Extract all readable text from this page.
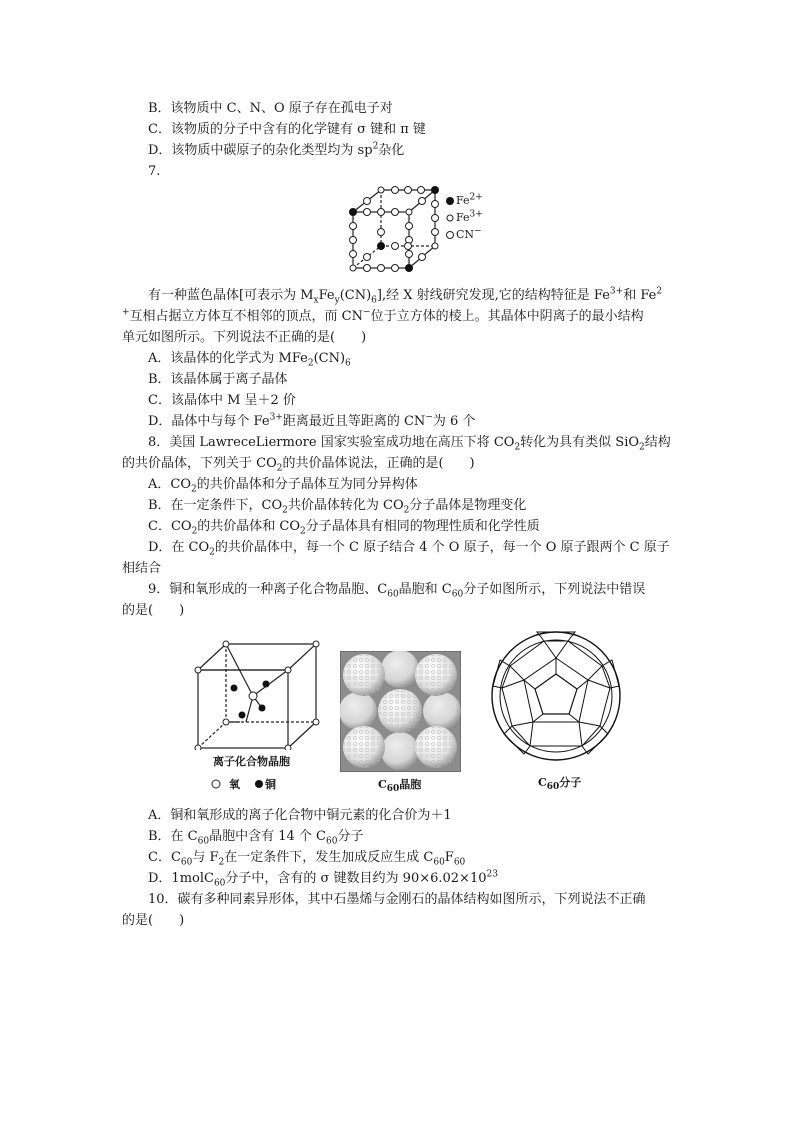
B．该物质中 C、N、O 原子存在孤电子对
C．该物质的分子中含有的化学键有 σ 键和 π 键
D．该物质中碳原子的杂化类型均为 $sp^2$杂化
7.
$Fe^{2+}$
$Fe^{3+}$
CN−
有一种蓝色晶体[可表示为 $M_xFe_y(CN)_6$],经 X 射线研究发现,它的结构特征是 $Fe^{3+}$和 Fe$^2$
+互相占据立方体互不相邻的顶点，而 CN−位于立方体的棱上。其晶体中阴离子的最小结构
单元如图所示。下列说法不正确的是(　　)
A．该晶体的化学式为 $MFe_2(CN)_6$
B．该晶体属于离子晶体
C．该晶体中 M 呈＋2 价
D．晶体中与每个 $Fe^{3+}$距离最近且等距离的 CN−为 6 个
8．美国 LawreceLiermore 国家实验室成功地在高压下将 $CO_2$转化为具有类似 SiO$_2$结构
的共价晶体，下列关于 $CO_2$的共价晶体说法，正确的是(　　)
A．$CO_2$的共价晶体和分子晶体互为同分异构体
B．在一定条件下，$CO_2$共价晶体转化为 $CO_2$分子晶体是物理变化
C．$CO_2$的共价晶体和 $CO_2$分子晶体具有相同的物理性质和化学性质
D．在 $CO_2$的共价晶体中，每一个 C 原子结合 4 个 O 原子，每一个 O 原子跟两个 C 原子
相结合
9．铜和氧形成的一种离子化合物晶胞、$C_{60}$晶胞和 $C_{60}$分子如图所示，下列说法中错误
的是(　　)
离子化合物晶胞
氧 铜	$C_{60}$晶胞	$C_{60}$分子
A．铜和氧形成的离子化合物中铜元素的化合价为＋1
B．在 $C_{60}$晶胞中含有 14 个 $C_{60}$分子
C．$C_{60}$与 $F_2$在一定条件下，发生加成反应生成 $C_{60}F_{60}$
D．1molC$_{60}$分子中，含有的 σ 键数目约为 $90\times 6.02\times 10^{23}$
10．碳有多种同素异形体，其中石墨烯与金刚石的晶体结构如图所示，下列说法不正确
的是(　　)
